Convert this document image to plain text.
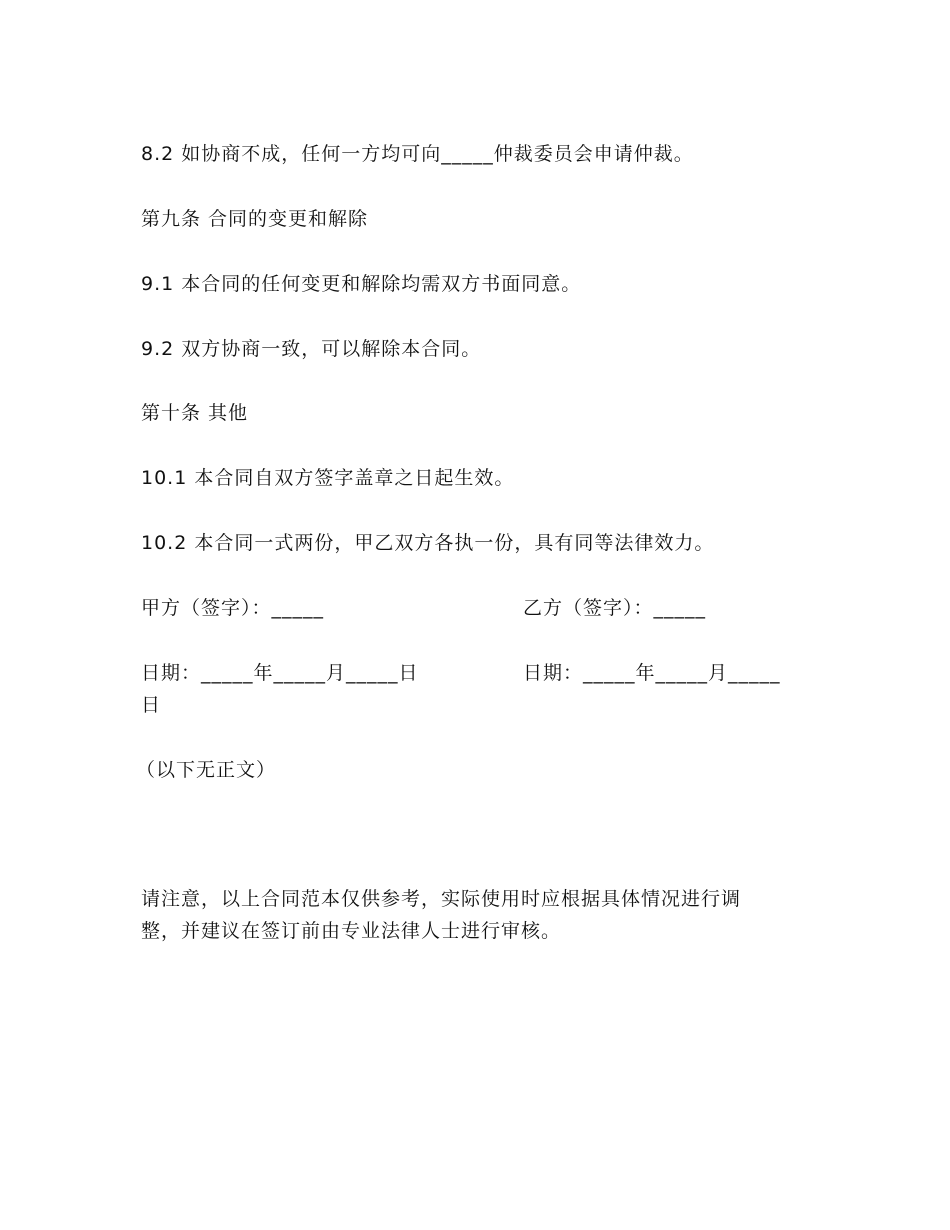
8.2 如协商不成，任何一方均可向_____仲裁委员会申请仲裁。
第九条 合同的变更和解除
9.1 本合同的任何变更和解除均需双方书面同意。
9.2 双方协商一致，可以解除本合同。
第十条 其他
10.1 本合同自双方签字盖章之日起生效。
10.2 本合同一式两份，甲乙双方各执一份，具有同等法律效力。
甲方（签字）：_____	乙方（签字）：_____
日期：_____年_____月_____日	日期：_____年_____月_____
日
（以下无正文）
请注意，以上合同范本仅供参考，实际使用时应根据具体情况进行调
整，并建议在签订前由专业法律人士进行审核。
